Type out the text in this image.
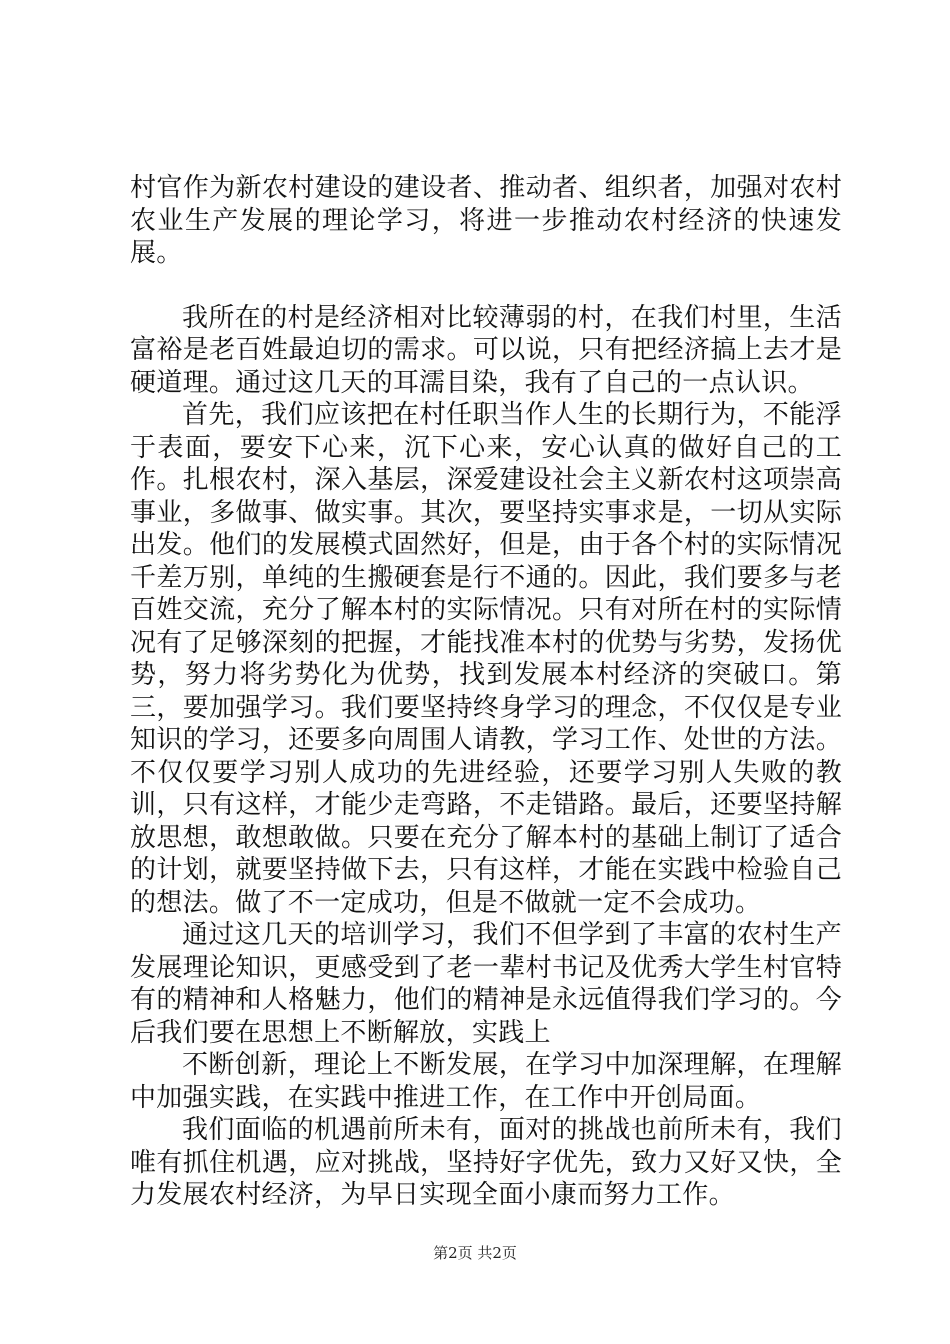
村官作为新农村建设的建设者、推动者、组织者，加强对农村农业生产发展的理论学习，将进一步推动农村经济的快速发展。

我所在的村是经济相对比较薄弱的村，在我们村里，生活富裕是老百姓最迫切的需求。可以说，只有把经济搞上去才是硬道理。通过这几天的耳濡目染，我有了自己的一点认识。

首先，我们应该把在村任职当作人生的长期行为，不能浮于表面，要安下心来，沉下心来，安心认真的做好自己的工作。扎根农村，深入基层，深爱建设社会主义新农村这项崇高事业，多做事、做实事。其次，要坚持实事求是，一切从实际出发。他们的发展模式固然好，但是，由于各个村的实际情况千差万别，单纯的生搬硬套是行不通的。因此，我们要多与老百姓交流，充分了解本村的实际情况。只有对所在村的实际情况有了足够深刻的把握，才能找准本村的优势与劣势，发扬优势，努力将劣势化为优势，找到发展本村经济的突破口。第三，要加强学习。我们要坚持终身学习的理念，不仅仅是专业知识的学习，还要多向周围人请教，学习工作、处世的方法。不仅仅要学习别人成功的先进经验，还要学习别人失败的教训，只有这样，才能少走弯路，不走错路。最后，还要坚持解放思想，敢想敢做。只要在充分了解本村的基础上制订了适合的计划，就要坚持做下去，只有这样，才能在实践中检验自己的想法。做了不一定成功，但是不做就一定不会成功。

通过这几天的培训学习，我们不但学到了丰富的农村生产发展理论知识，更感受到了老一辈村书记及优秀大学生村官特有的精神和人格魅力，他们的精神是永远值得我们学习的。今后我们要在思想上不断解放，实践上

不断创新，理论上不断发展，在学习中加深理解，在理解中加强实践，在实践中推进工作，在工作中开创局面。

我们面临的机遇前所未有，面对的挑战也前所未有，我们唯有抓住机遇，应对挑战，坚持好字优先，致力又好又快，全力发展农村经济，为早日实现全面小康而努力工作。

第2页 共2页
